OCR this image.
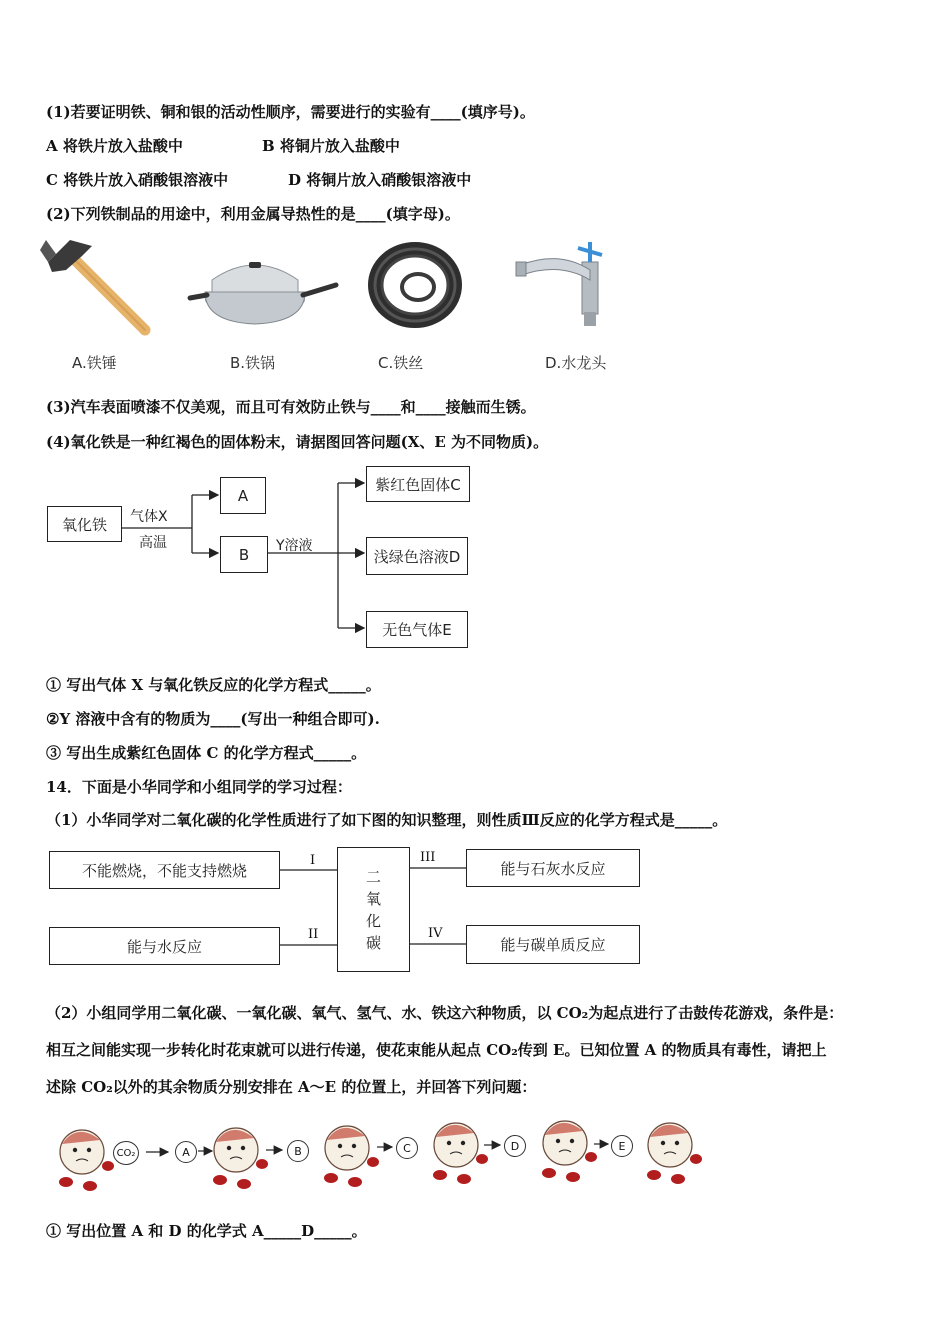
(1)若要证明铁、铜和银的活动性顺序，需要进行的实验有____(填序号)。
A 将铁片放入盐酸中	B 将铜片放入盐酸中
C 将铁片放入硝酸银溶液中	D 将铜片放入硝酸银溶液中
(2)下列铁制品的用途中，利用金属导热性的是____(填字母)。
A.铁锤	B.铁锅	C.铁丝	D.水龙头
(3)汽车表面喷漆不仅美观，而且可有效防止铁与____和____接触而生锈。
(4)氧化铁是一种红褐色的固体粉末，请据图回答问题(X、E 为不同物质)。
氧化铁	气体X
高温
A
B	Y溶液
紫红色固体C
浅绿色溶液D
无色气体E
① 写出气体 X 与氧化铁反应的化学方程式_____。
②Y 溶液中含有的物质为____(写出一种组合即可).
③ 写出生成紫红色固体 C 的化学方程式_____。
14．下面是小华同学和小组同学的学习过程：
（1）小华同学对二氧化碳的化学性质进行了如下图的知识整理，则性质Ⅲ反应的化学方程式是_____。
不能燃烧，不能支持燃烧
能与水反应
能与石灰水反应
能与碳单质反应
二
氧
化
碳
I
II
III
IV
（2）小组同学用二氧化碳、一氧化碳、氧气、氢气、水、铁这六种物质，以 CO₂为起点进行了击鼓传花游戏，条件是：
相互之间能实现一步转化时花束就可以进行传递，使花束能从起点 CO₂传到 E。已知位置 A 的物质具有毒性，请把上
述除 CO₂以外的其余物质分别安排在 A～E 的位置上，并回答下列问题：
CO₂	A	B	C	D	E
① 写出位置 A 和 D 的化学式 A_____D_____。
